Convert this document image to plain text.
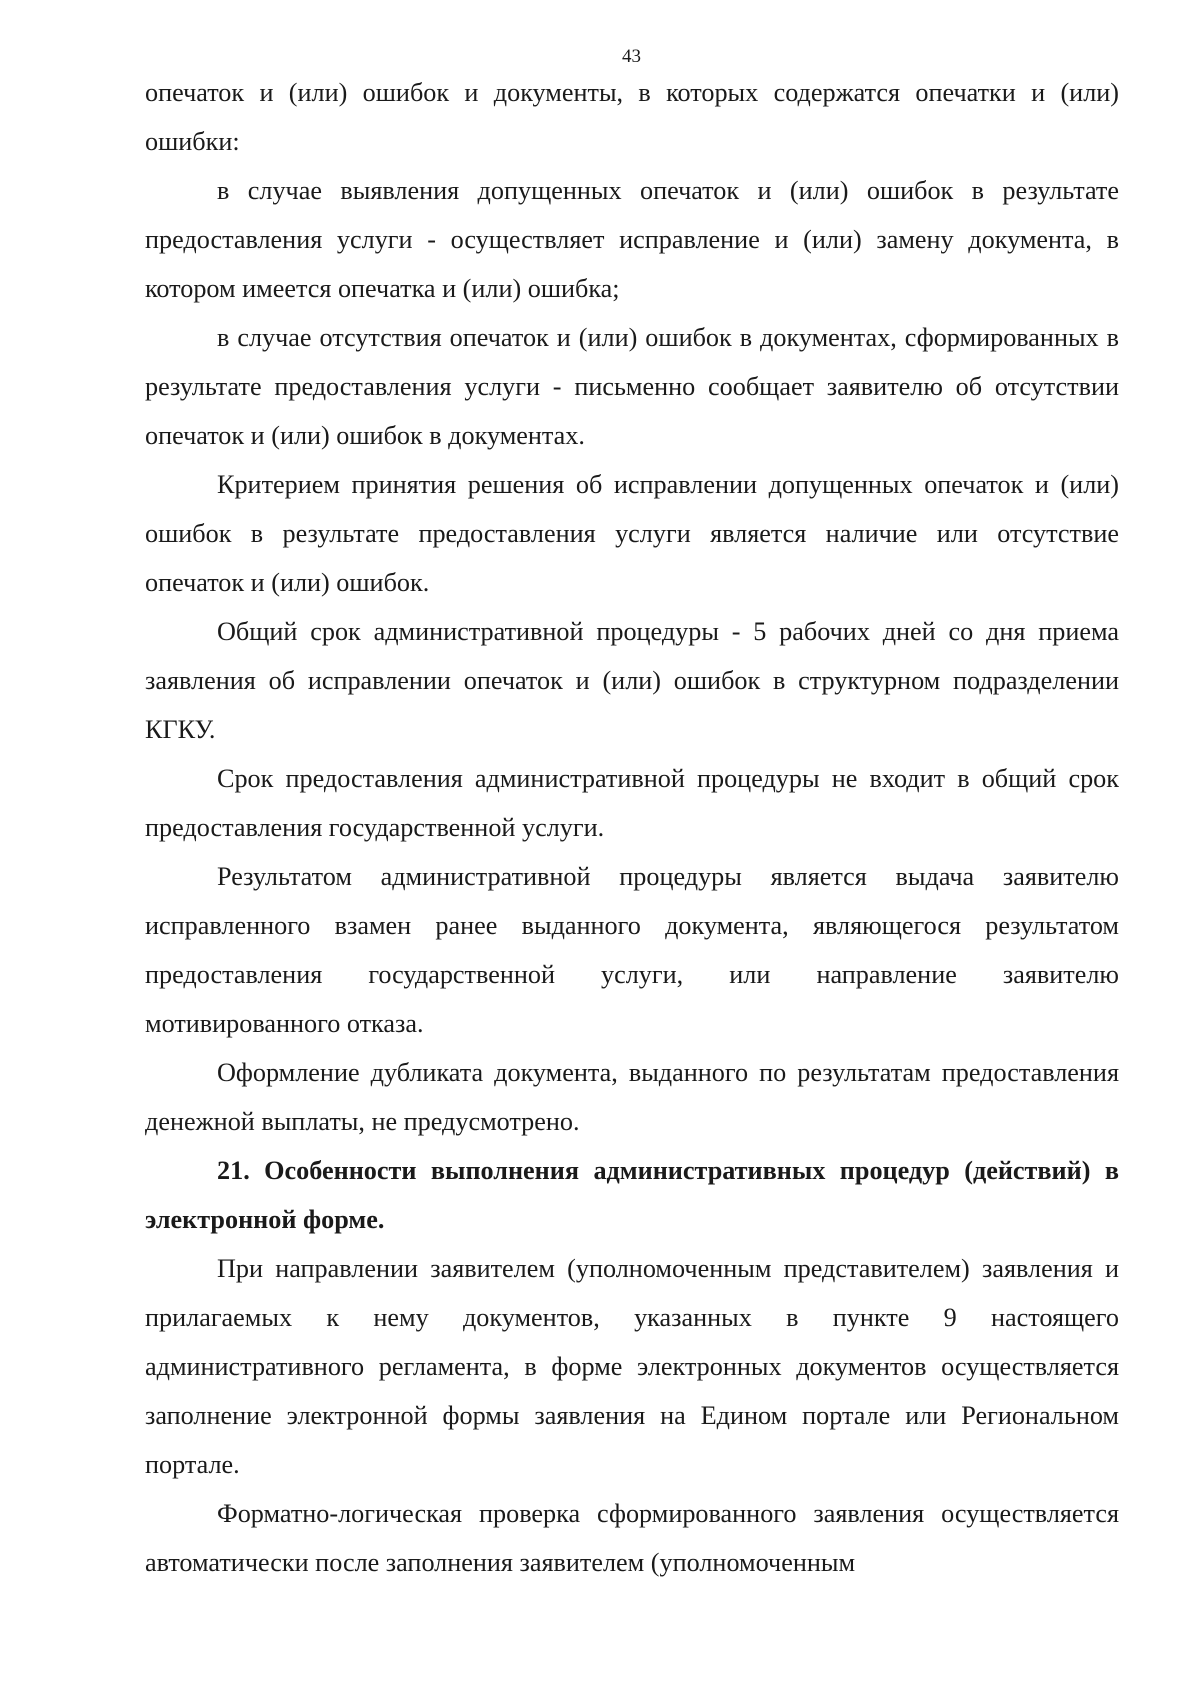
43

опечаток и (или) ошибок и документы, в которых содержатся опечатки и (или) ошибки:

в случае выявления допущенных опечаток и (или) ошибок в результате предоставления услуги - осуществляет исправление и (или) замену документа, в котором имеется опечатка и (или) ошибка;

в случае отсутствия опечаток и (или) ошибок в документах, сформированных в результате предоставления услуги - письменно сообщает заявителю об отсутствии опечаток и (или) ошибок в документах.

Критерием принятия решения об исправлении допущенных опечаток и (или) ошибок в результате предоставления услуги является наличие или отсутствие опечаток и (или) ошибок.

Общий срок административной процедуры - 5 рабочих дней со дня приема заявления об исправлении опечаток и (или) ошибок в структурном подразделении КГКУ.

Срок предоставления административной процедуры не входит в общий срок предоставления государственной услуги.

Результатом административной процедуры является выдача заявителю исправленного взамен ранее выданного документа, являющегося результатом предоставления государственной услуги, или направление заявителю мотивированного отказа.

Оформление дубликата документа, выданного по результатам предоставления денежной выплаты, не предусмотрено.

21. Особенности выполнения административных процедур (действий) в электронной форме.

При направлении заявителем (уполномоченным представителем) заявления и прилагаемых к нему документов, указанных в пункте 9 настоящего административного регламента, в форме электронных документов осуществляется заполнение электронной формы заявления на Едином портале или Региональном портале.

Форматно-логическая проверка сформированного заявления осуществляется автоматически после заполнения заявителем (уполномоченным
